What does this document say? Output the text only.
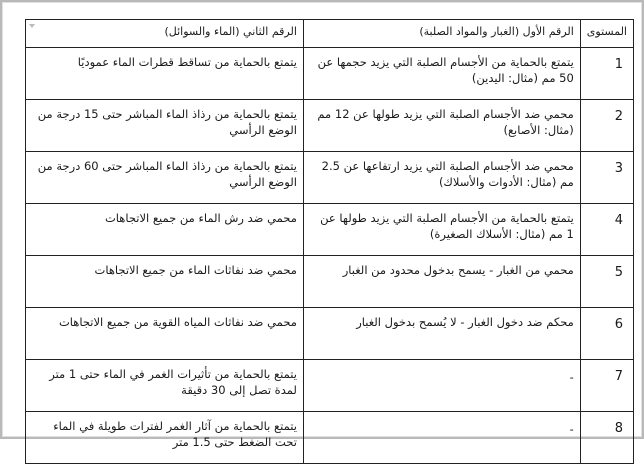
المستوى	الرقم الأول (الغبار والمواد الصلبة)	الرقم الثاني (الماء والسوائل)

1	يتمتع بالحماية من الأجسام الصلبة التي يزيد حجمها عن 50 مم (مثال: اليدين)	يتمتع بالحماية من تساقط قطرات الماء عموديًا
2	محمي ضد الأجسام الصلبة التي يزيد طولها عن 12 مم (مثال: الأصابع)	يتمتع بالحماية من رذاذ الماء المباشر حتى 15 درجة من الوضع الرأسي
3	محمي ضد الأجسام الصلبة التي يزيد ارتفاعها عن 2.5 مم (مثال: الأدوات والأسلاك)	يتمتع بالحماية من رذاذ الماء المباشر حتى 60 درجة من الوضع الرأسي
4	يتمتع بالحماية من الأجسام الصلبة التي يزيد طولها عن 1 مم (مثال: الأسلاك الصغيرة)	محمي ضد رش الماء من جميع الاتجاهات
5	محمي من الغبار - يسمح بدخول محدود من الغبار	محمي ضد نفاثات الماء من جميع الاتجاهات
6	محكم ضد دخول الغبار - لا يُسمح بدخول الغبار	محمي ضد نفاثات المياه القوية من جميع الاتجاهات
7	-	يتمتع بالحماية من تأثيرات الغمر في الماء حتى 1 متر لمدة تصل إلى 30 دقيقة
8	-	يتمتع بالحماية من آثار الغمر لفترات طويلة في الماء تحت الضغط حتى 1.5 متر
